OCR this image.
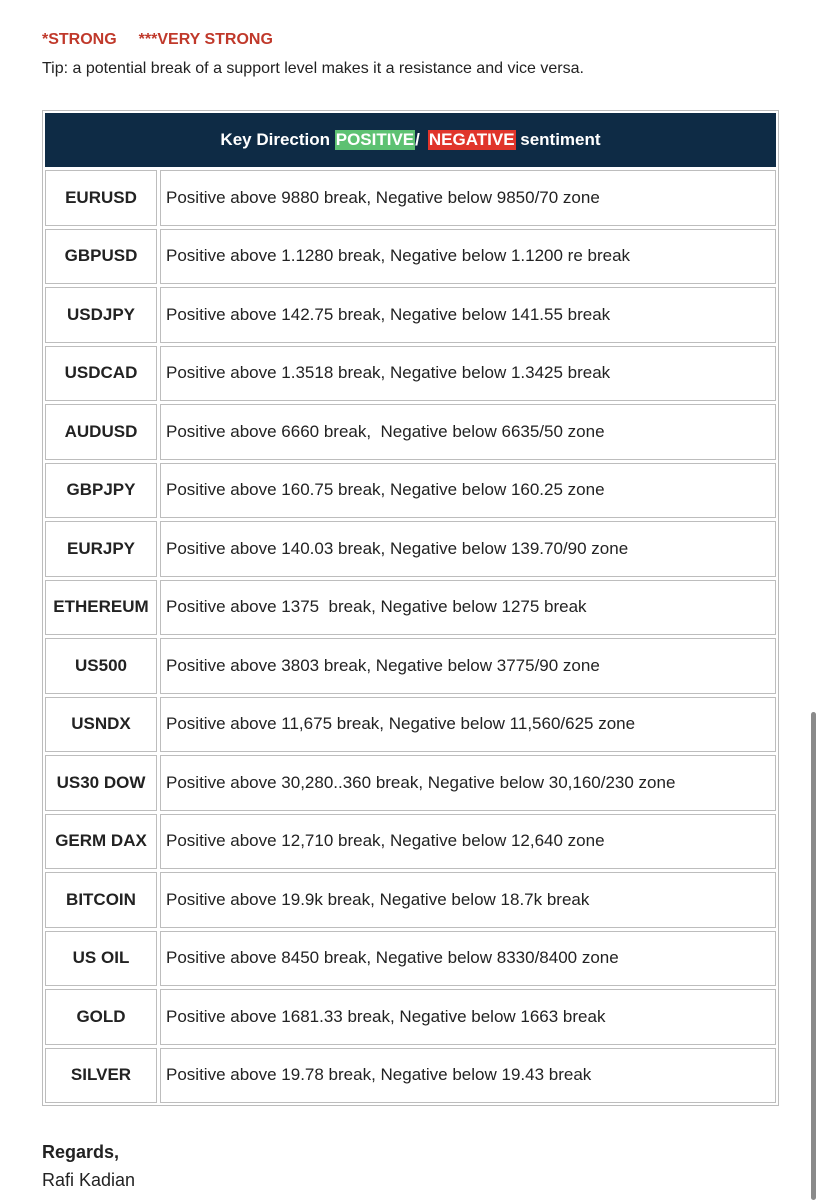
*STRONG ***VERY STRONG
Tip: a potential break of a support level makes it a resistance and vice versa.
Key Direction POSITIVE / NEGATIVE sentiment
EURUSD	Positive above 9880 break, Negative below 9850/70 zone
GBPUSD	Positive above 1.1280 break, Negative below 1.1200 re break
USDJPY	Positive above 142.75 break, Negative below 141.55 break
USDCAD	Positive above 1.3518 break, Negative below 1.3425 break
AUDUSD	Positive above 6660 break,  Negative below 6635/50 zone
GBPJPY	Positive above 160.75 break, Negative below 160.25 zone
EURJPY	Positive above 140.03 break, Negative below 139.70/90 zone
ETHEREUM	Positive above 1375  break, Negative below 1275 break
US500	Positive above 3803 break, Negative below 3775/90 zone
USNDX	Positive above 11,675 break, Negative below 11,560/625 zone
US30 DOW	Positive above 30,280..360 break, Negative below 30,160/230 zone
GERM DAX	Positive above 12,710 break, Negative below 12,640 zone
BITCOIN	Positive above 19.9k break, Negative below 18.7k break
US OIL	Positive above 8450 break, Negative below 8330/8400 zone
GOLD	Positive above 1681.33 break, Negative below 1663 break
SILVER	Positive above 19.78 break, Negative below 19.43 break
Regards,
Rafi Kadian
